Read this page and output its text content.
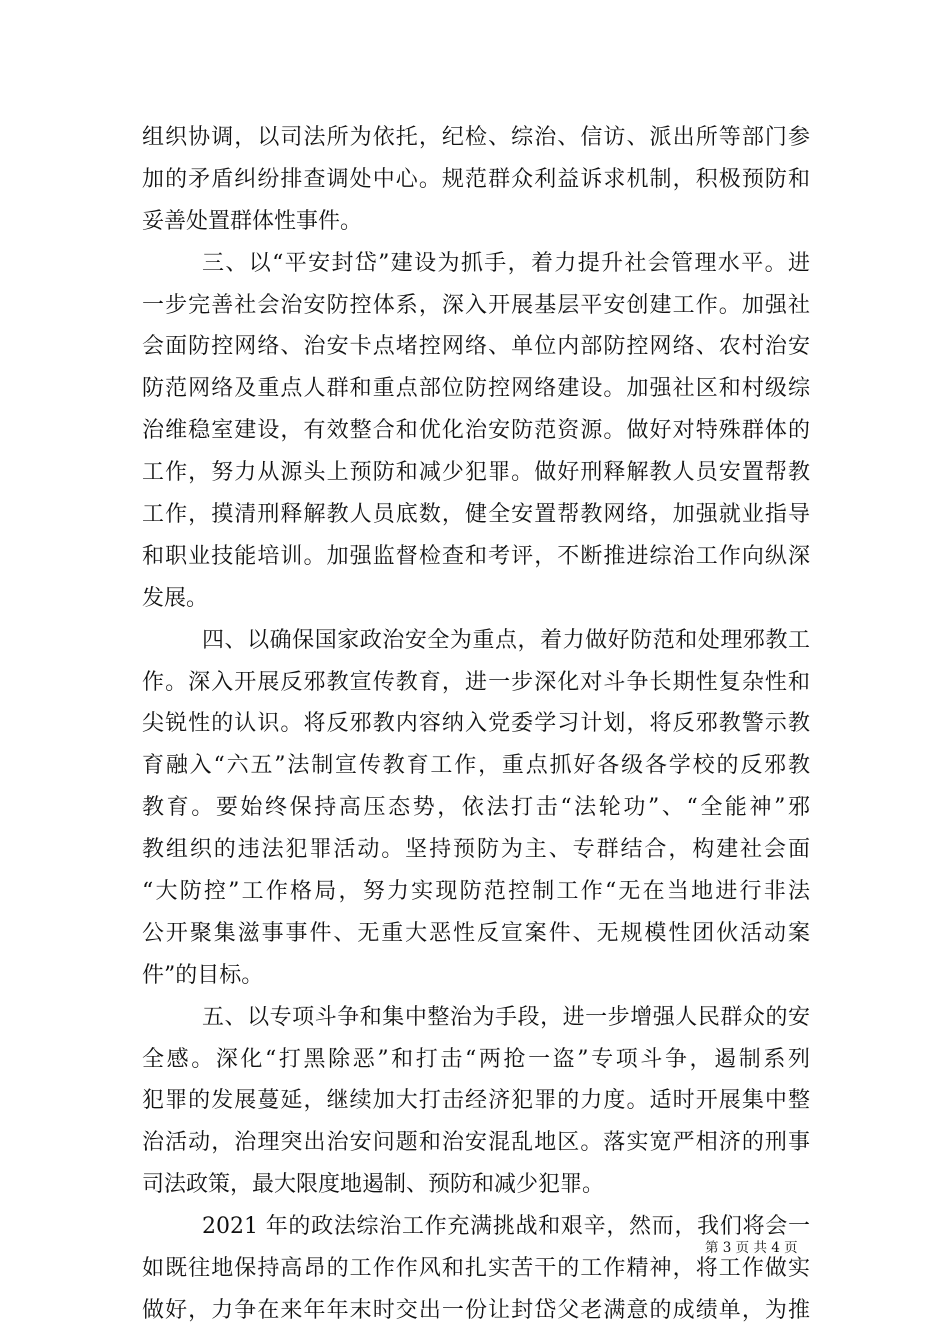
组织协调，以司法所为依托，纪检、综治、信访、派出所等部门参
加的矛盾纠纷排查调处中心。规范群众利益诉求机制，积极预防和
妥善处置群体性事件。
三、以“平安封岱”建设为抓手，着力提升社会管理水平。进
一步完善社会治安防控体系，深入开展基层平安创建工作。加强社
会面防控网络、治安卡点堵控网络、单位内部防控网络、农村治安
防范网络及重点人群和重点部位防控网络建设。加强社区和村级综
治维稳室建设，有效整合和优化治安防范资源。做好对特殊群体的
工作，努力从源头上预防和减少犯罪。做好刑释解教人员安置帮教
工作，摸清刑释解教人员底数，健全安置帮教网络，加强就业指导
和职业技能培训。加强监督检查和考评，不断推进综治工作向纵深
发展。
四、以确保国家政治安全为重点，着力做好防范和处理邪教工
作。深入开展反邪教宣传教育，进一步深化对斗争长期性复杂性和
尖锐性的认识。将反邪教内容纳入党委学习计划，将反邪教警示教
育融入“六五”法制宣传教育工作，重点抓好各级各学校的反邪教
教育。要始终保持高压态势，依法打击“法轮功”、“全能神”邪
教组织的违法犯罪活动。坚持预防为主、专群结合，构建社会面
“大防控”工作格局，努力实现防范控制工作“无在当地进行非法
公开聚集滋事事件、无重大恶性反宣案件、无规模性团伙活动案
件”的目标。
五、以专项斗争和集中整治为手段，进一步增强人民群众的安
全感。深化“打黑除恶”和打击“两抢一盗”专项斗争，遏制系列
犯罪的发展蔓延，继续加大打击经济犯罪的力度。适时开展集中整
治活动，治理突出治安问题和治安混乱地区。落实宽严相济的刑事
司法政策，最大限度地遏制、预防和减少犯罪。
2021 年的政法综治工作充满挑战和艰辛，然而，我们将会一
如既往地保持高昂的工作作风和扎实苦干的工作精神，将工作做实
做好，力争在来年年末时交出一份让封岱父老满意的成绩单，为推
第 3 页 共 4 页
